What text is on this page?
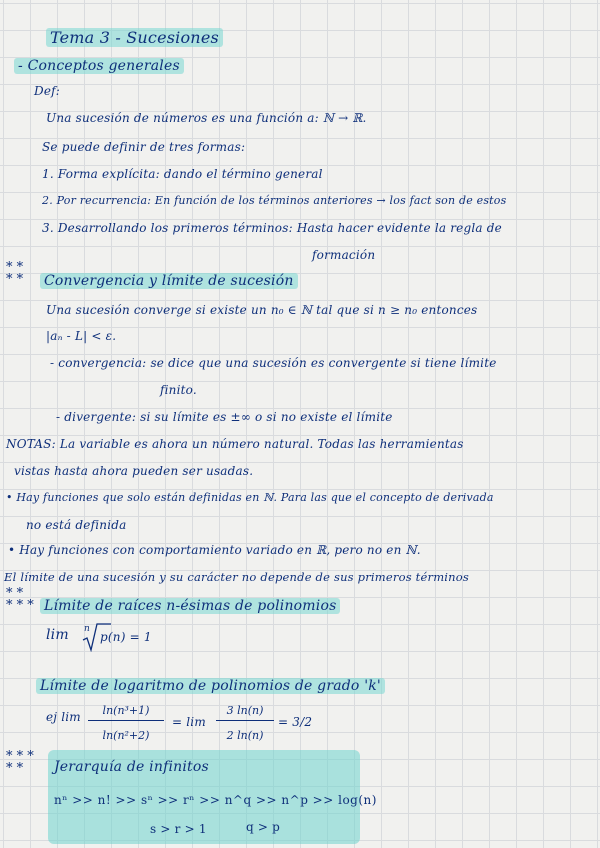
Tema 3 - Sucesiones
- Conceptos generales
Def:
Una sucesión de números es una función a: ℕ → ℝ.
Se puede definir de tres formas:
1. Forma explícita: dando el término general
2. Por recurrencia: En función de los términos anteriores → los fact son de estos
3. Desarrollando los primeros términos: Hasta hacer evidente la regla de
formación
* *
* * Convergencia y límite de sucesión
Una sucesión converge si existe un n₀ ∈ ℕ tal que si n ≥ n₀ entonces
|aₙ - L| < ε.
- convergencia: se dice que una sucesión es convergente si tiene límite
finito.
- divergente: si su límite es ±∞ o si no existe el límite
NOTAS: La variable es ahora un número natural. Todas las herramientas
vistas hasta ahora pueden ser usadas.
• Hay funciones que solo están definidas en ℕ. Para las que el concepto de derivada
no está definida
• Hay funciones con comportamiento variado en ℝ, pero no en ℕ.
El límite de una sucesión y su carácter no depende de sus primeros términos
* *
* * * Límite de raíces n-ésimas de polinomios
lim n
p(n) = 1
Límite de logaritmo de polinomios de grado 'k'
ej lim	ln(n³+1)
ln(n²+2)
= lim
3 ln(n)
2 ln(n)
= 3/2
* * *
* *	Jerarquía de infinitos
nⁿ >> n! >> sⁿ >> rⁿ >> n^q >> n^p >> log(n)
s > r > 1	q > p
